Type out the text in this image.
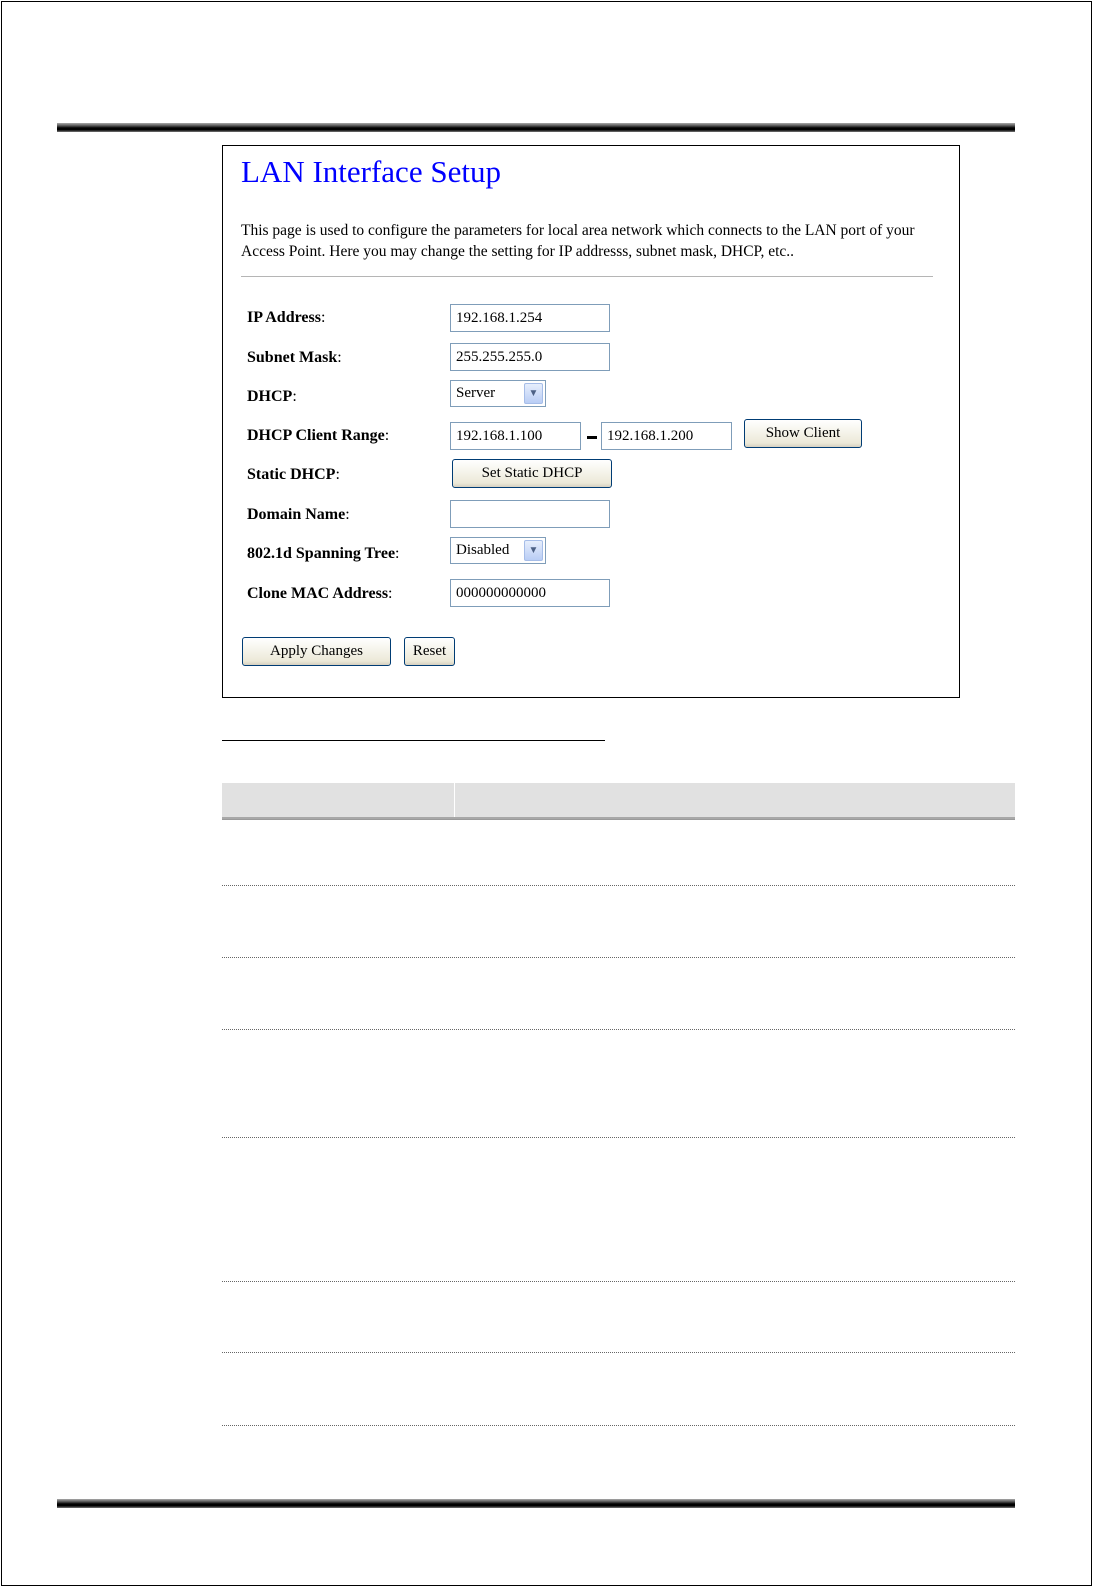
LAN Interface Setup

This page is used to configure the parameters for local area network which connects to the LAN port of your Access Point. Here you may change the setting for IP addresss, subnet mask, DHCP, etc..

IP Address:	192.168.1.254
Subnet Mask:	255.255.255.0
DHCP:	Server	▼
DHCP Client Range:	192.168.1.100	192.168.1.200	Show Client
Static DHCP:	Set Static DHCP
Domain Name:
802.1d Spanning Tree:	Disabled	▼
Clone MAC Address:	000000000000
Apply Changes	Reset
